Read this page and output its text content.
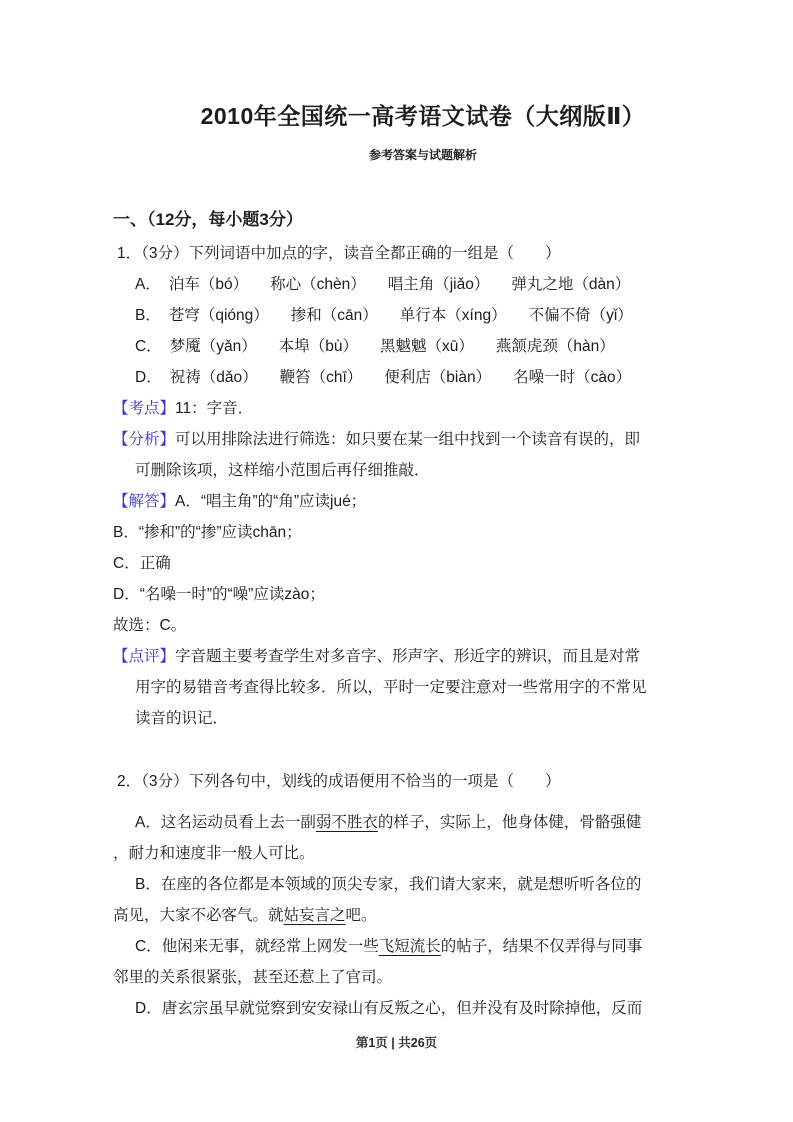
2010年全国统一高考语文试卷（大纲版Ⅱ）
参考答案与试题解析
一、（12分，每小题3分）
1．（3分）下列词语中加点的字，读音全都正确的一组是（　　）
A． 泊车（bó） 称心（chèn） 唱主角（jiǎo） 弹丸之地（dàn）
B． 苍穹（qióng） 掺和（cān） 单行本（xíng） 不偏不倚（yǐ）
C． 梦魇（yǎn） 本埠（bù） 黑魆魆（xū） 燕颔虎颈（hàn）
D． 祝祷（dǎo） 鞭笞（chī） 便利店（biàn） 名噪一时（cào）
【考点】11：字音．
【分析】可以用排除法进行筛选：如只要在某一组中找到一个读音有误的，即
可删除该项，这样缩小范围后再仔细推敲．
【解答】A．“唱主角”的“角”应读jué；
B．“掺和”的“掺”应读chān；
C．正确
D．“名噪一时”的“噪”应读zào；
故选：C。
【点评】字音题主要考查学生对多音字、形声字、形近字的辨识，而且是对常
用字的易错音考查得比较多．所以，平时一定要注意对一些常用字的不常见
读音的识记．
2．（3分）下列各句中，划线的成语便用不恰当的一项是（　　）
A．这名运动员看上去一副弱不胜衣的样子，实际上，他身体健，骨骼强健
，耐力和速度非一般人可比。
B．在座的各位都是本领域的顶尖专家，我们请大家来，就是想听听各位的
高见，大家不必客气。就姑妄言之吧。
C．他闲来无事，就经常上网发一些飞短流长的帖子，结果不仅弄得与同事
邻里的关系很紧张，甚至还惹上了官司。
D．唐玄宗虽早就觉察到安安禄山有反叛之心，但并没有及时除掉他，反而
第1页 | 共26页
